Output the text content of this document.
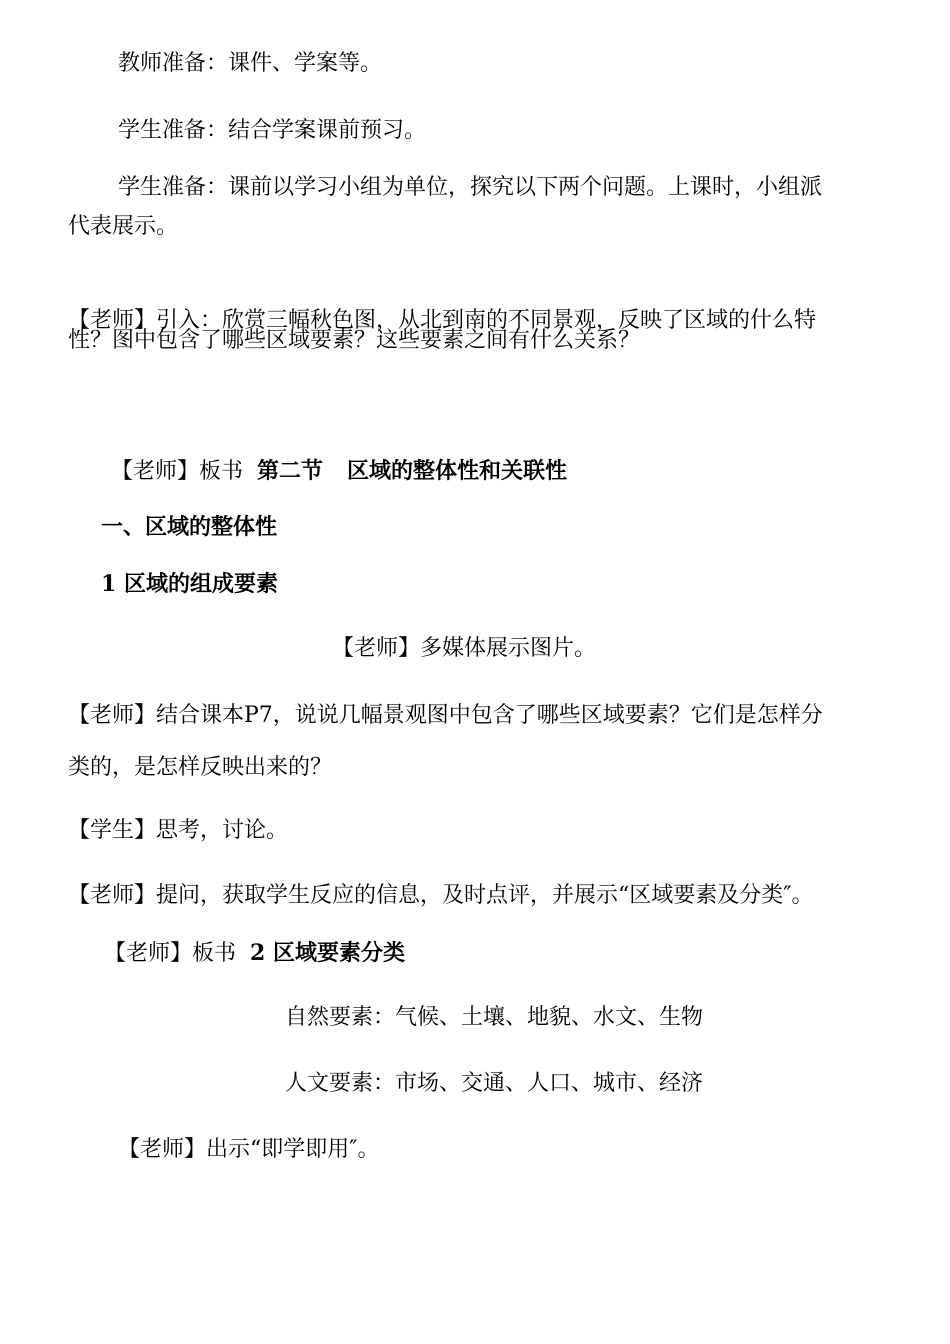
教师准备：课件、学案等。
学生准备：结合学案课前预习。
学生准备：课前以学习小组为单位，探究以下两个问题。上课时，小组派
代表展示。
【老师】引入：欣赏三幅秋色图，从北到南的不同景观，反映了区域的什么特
性？图中包含了哪些区域要素？这些要素之间有什么关系？
【老师】板书 第二节 区域的整体性和关联性
一、区域的整体性
1 区域的组成要素
【老师】多媒体展示图片。
【老师】结合课本P7，说说几幅景观图中包含了哪些区域要素？它们是怎样分
类的，是怎样反映出来的？
【学生】思考，讨论。
【老师】提问，获取学生反应的信息，及时点评，并展示“区域要素及分类″。
【老师】板书 2 区域要素分类
自然要素：气候、土壤、地貌、水文、生物
人文要素：市场、交通、人口、城市、经济
【老师】出示“即学即用″。
